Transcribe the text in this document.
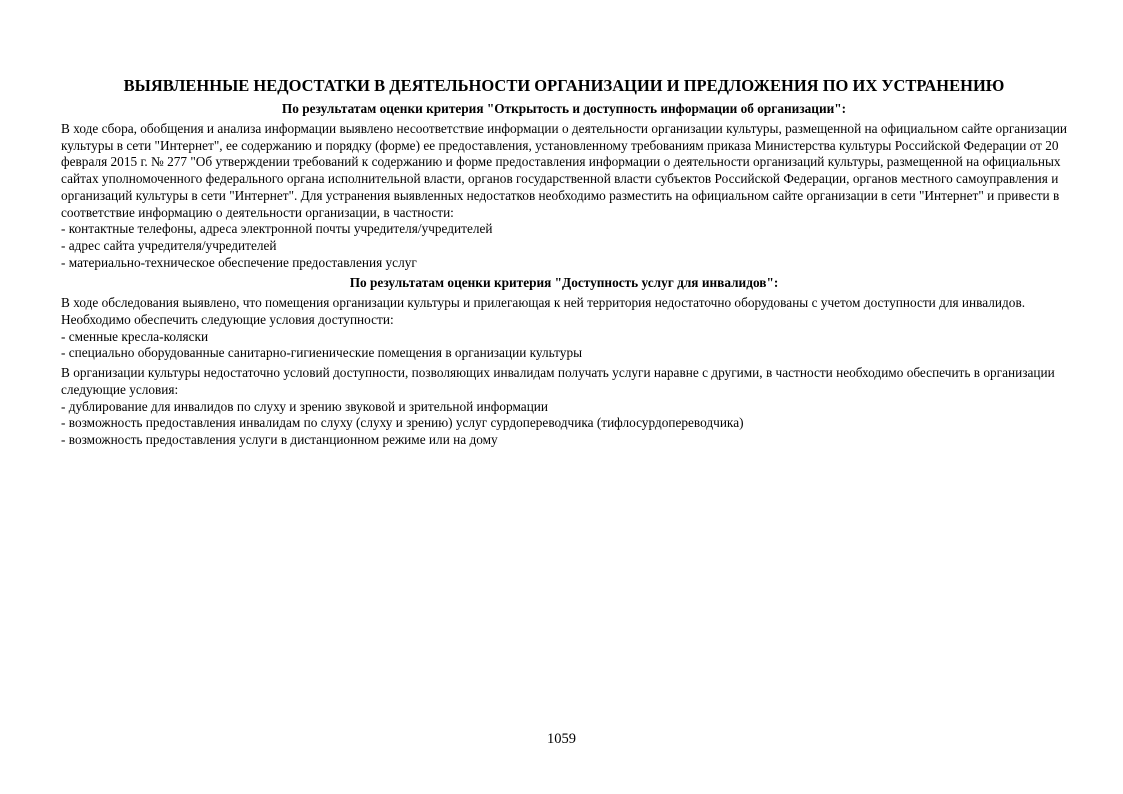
ВЫЯВЛЕННЫЕ НЕДОСТАТКИ В ДЕЯТЕЛЬНОСТИ ОРГАНИЗАЦИИ И ПРЕДЛОЖЕНИЯ ПО ИХ УСТРАНЕНИЮ
По результатам оценки критерия "Открытость и доступность информации об организации":

В ходе сбора, обобщения и анализа информации выявлено несоответствие информации о деятельности организации культуры, размещенной на официальном сайте организации культуры в сети "Интернет", ее содержанию и порядку (форме) ее предоставления, установленному требованиям приказа Министерства культуры Российской Федерации от 20 февраля 2015 г. № 277 "Об утверждении требований к содержанию и форме предоставления информации о деятельности организаций культуры, размещенной на официальных сайтах уполномоченного федерального органа исполнительной власти, органов государственной власти субъектов Российской Федерации, органов местного самоуправления и организаций культуры в сети "Интернет". Для устранения выявленных недостатков необходимо разместить на официальном сайте организации в сети "Интернет" и привести в соответствие информацию о деятельности организации, в частности:

- контактные телефоны, адреса электронной почты учредителя/учредителей
- адрес сайта учредителя/учредителей
- материально-техническое обеспечение предоставления услуг
По результатам оценки критерия "Доступность услуг для инвалидов":

В ходе обследования выявлено, что помещения организации культуры и прилегающая к ней территория недостаточно оборудованы с учетом доступности для инвалидов. Необходимо обеспечить следующие условия доступности:

- сменные кресла-коляски
- специально оборудованные санитарно-гигиенические помещения в организации культуры

В организации культуры недостаточно условий доступности, позволяющих инвалидам получать услуги наравне с другими, в частности необходимо обеспечить в организации следующие условия:

- дублирование для инвалидов по слуху и зрению звуковой и зрительной информации
- возможность предоставления инвалидам по слуху (слуху и зрению) услуг сурдопереводчика (тифлосурдопереводчика)
- возможность предоставления услуги в дистанционном режиме или на дому
1059
